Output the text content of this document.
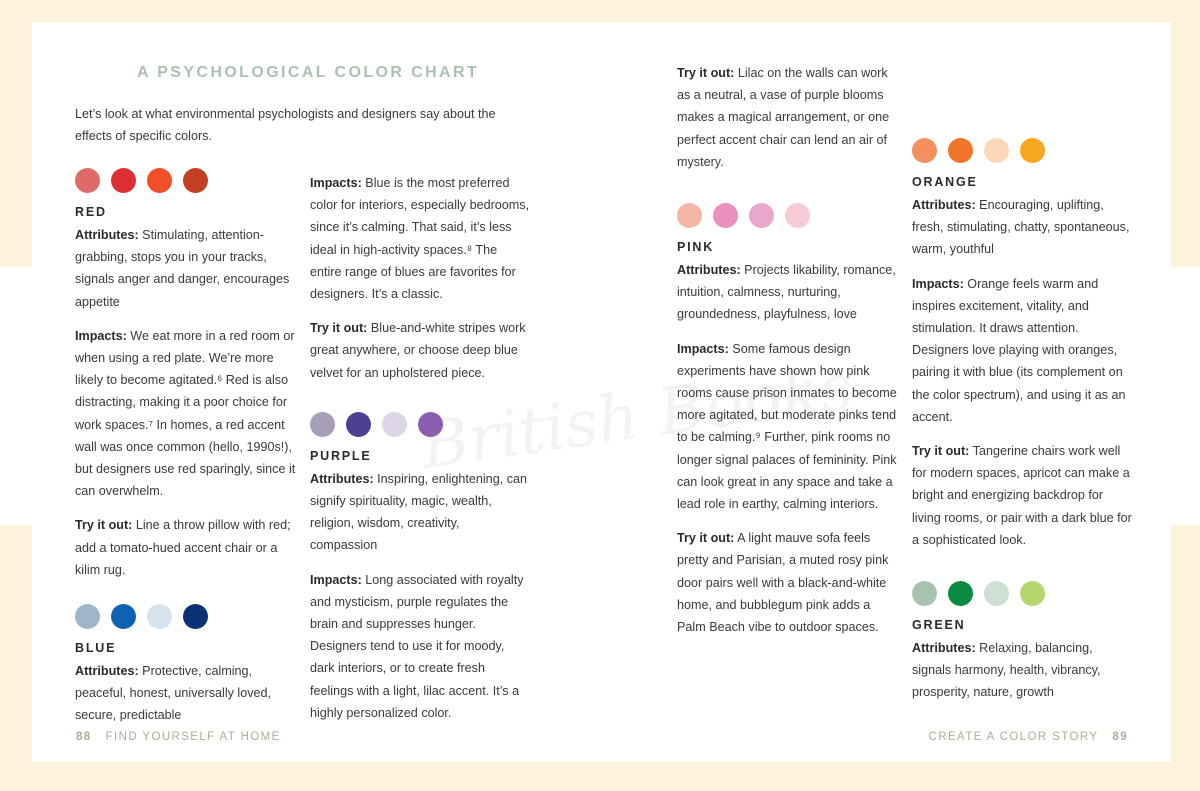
A PSYCHOLOGICAL COLOR CHART
Let’s look at what environmental psychologists and designers say about the effects of specific colors.
RED

Attributes: Stimulating, attention-grabbing, stops you in your tracks, signals anger and danger, encourages appetite

Impacts: We eat more in a red room or when using a red plate. We’re more likely to become agitated.⁶ Red is also distracting, making it a poor choice for work spaces.⁷ In homes, a red accent wall was once common (hello, 1990s!), but designers use red sparingly, since it can overwhelm.

Try it out: Line a throw pillow with red; add a tomato-hued accent chair or a kilim rug.

BLUE

Attributes: Protective, calming, peaceful, honest, universally loved, secure, predictable

Impacts: Blue is the most preferred color for interiors, especially bedrooms, since it’s calming. That said, it’s less ideal in high-activity spaces.⁸ The entire range of blues are favorites for designers. It’s a classic.

Try it out: Blue-and-white stripes work great anywhere, or choose deep blue velvet for an upholstered piece.

PURPLE

Attributes: Inspiring, enlightening, can signify spirituality, magic, wealth, religion, wisdom, creativity, compassion

Impacts: Long associated with royalty and mysticism, purple regulates the brain and suppresses hunger. Designers tend to use it for moody, dark interiors, or to create fresh feelings with a light, lilac accent. It’s a highly personalized color.

Try it out: Lilac on the walls can work as a neutral, a vase of purple blooms makes a magical arrangement, or one perfect accent chair can lend an air of mystery.

PINK

Attributes: Projects likability, romance, intuition, calmness, nurturing, groundedness, playfulness, love

Impacts: Some famous design experiments have shown how pink rooms cause prison inmates to become more agitated, but moderate pinks tend to be calming.⁹ Further, pink rooms no longer signal palaces of femininity. Pink can look great in any space and take a lead role in earthy, calming interiors.

Try it out: A light mauve sofa feels pretty and Parisian, a muted rosy pink door pairs well with a black-and-white home, and bubblegum pink adds a Palm Beach vibe to outdoor spaces.

ORANGE

Attributes: Encouraging, uplifting, fresh, stimulating, chatty, spontaneous, warm, youthful

Impacts: Orange feels warm and inspires excitement, vitality, and stimulation. It draws attention. Designers love playing with oranges, pairing it with blue (its complement on the color spectrum), and using it as an accent.

Try it out: Tangerine chairs work well for modern spaces, apricot can make a bright and energizing backdrop for living rooms, or pair with a dark blue for a sophisticated look.

GREEN

Attributes: Relaxing, balancing, signals harmony, health, vibrancy, prosperity, nature, growth

88 FIND YOURSELF AT HOME	CREATE A COLOR STORY 89
